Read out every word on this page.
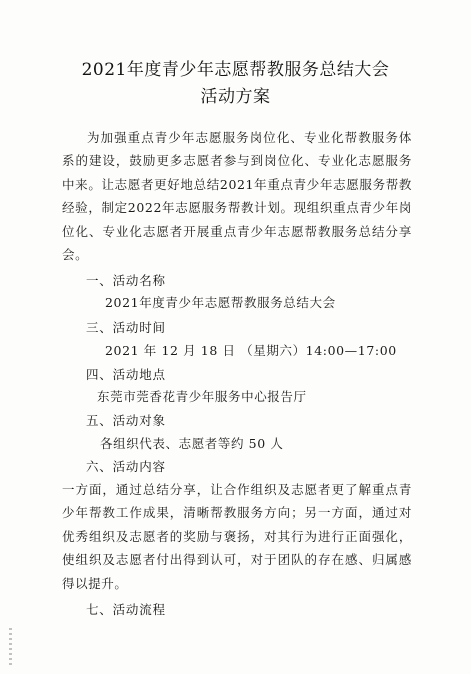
2021年度青少年志愿帮教服务总结大会
活动方案

为加强重点青少年志愿服务岗位化、专业化帮教服务体系的建设，鼓励更多志愿者参与到岗位化、专业化志愿服务中来。让志愿者更好地总结2021年重点青少年志愿服务帮教经验，制定2022年志愿服务帮教计划。现组织重点青少年岗位化、专业化志愿者开展重点青少年志愿帮教服务总结分享会。

一、活动名称
2021年度青少年志愿帮教服务总结大会
三、活动时间
2021 年 12 月 18 日 （星期六）14:00—17:00
四、活动地点
东莞市莞香花青少年服务中心报告厅
五、活动对象
各组织代表、志愿者等约 50 人
六、活动内容

一方面，通过总结分享，让合作组织及志愿者更了解重点青少年帮教工作成果，清晰帮教服务方向；另一方面，通过对优秀组织及志愿者的奖励与褒扬，对其行为进行正面强化，使组织及志愿者付出得到认可，对于团队的存在感、归属感得以提升。

七、活动流程
